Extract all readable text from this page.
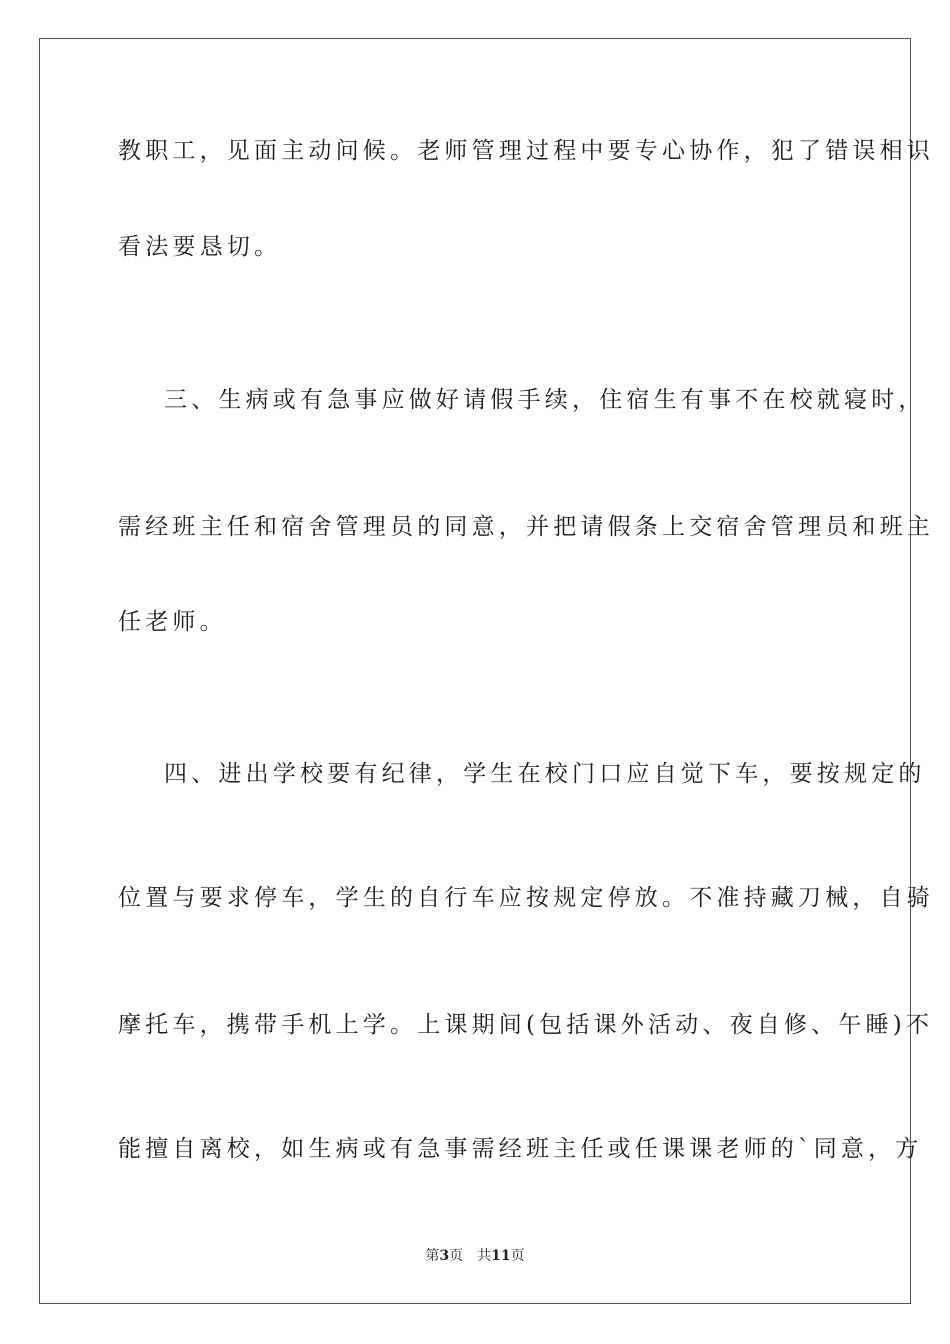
教职工，见面主动问候。老师管理过程中要专心协作，犯了错误相识
看法要恳切。
三、生病或有急事应做好请假手续，住宿生有事不在校就寝时，
需经班主任和宿舍管理员的同意，并把请假条上交宿舍管理员和班主
任老师。
四、进出学校要有纪律，学生在校门口应自觉下车，要按规定的
位置与要求停车，学生的自行车应按规定停放。不准持藏刀械，自骑
摩托车，携带手机上学。上课期间(包括课外活动、夜自修、午睡)不
能擅自离校，如生病或有急事需经班主任或任课课老师的`同意，方
第3页 共11页
